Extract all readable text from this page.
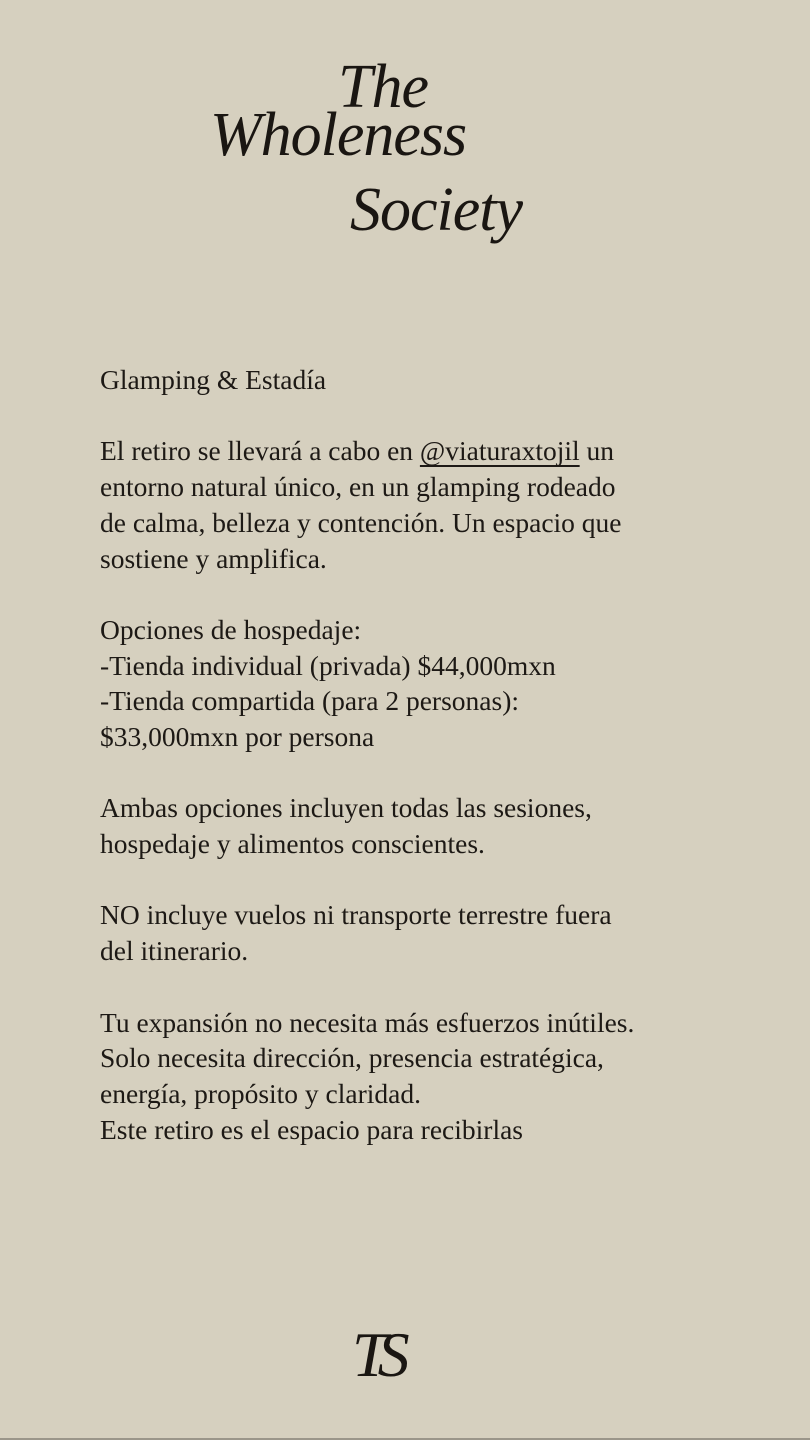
The
Wholeness
Society
Glamping & Estadía
El retiro se llevará a cabo en @viaturaxtojil un
entorno natural único, en un glamping rodeado
de calma, belleza y contención. Un espacio que
sostiene y amplifica.
Opciones de hospedaje:
-Tienda individual (privada) $44,000mxn
-Tienda compartida (para 2 personas):
$33,000mxn por persona
Ambas opciones incluyen todas las sesiones,
hospedaje y alimentos conscientes.
NO incluye vuelos ni transporte terrestre fuera
del itinerario.
Tu expansión no necesita más esfuerzos inútiles.
Solo necesita dirección, presencia estratégica,
energía, propósito y claridad.
Este retiro es el espacio para recibirlas
TS
